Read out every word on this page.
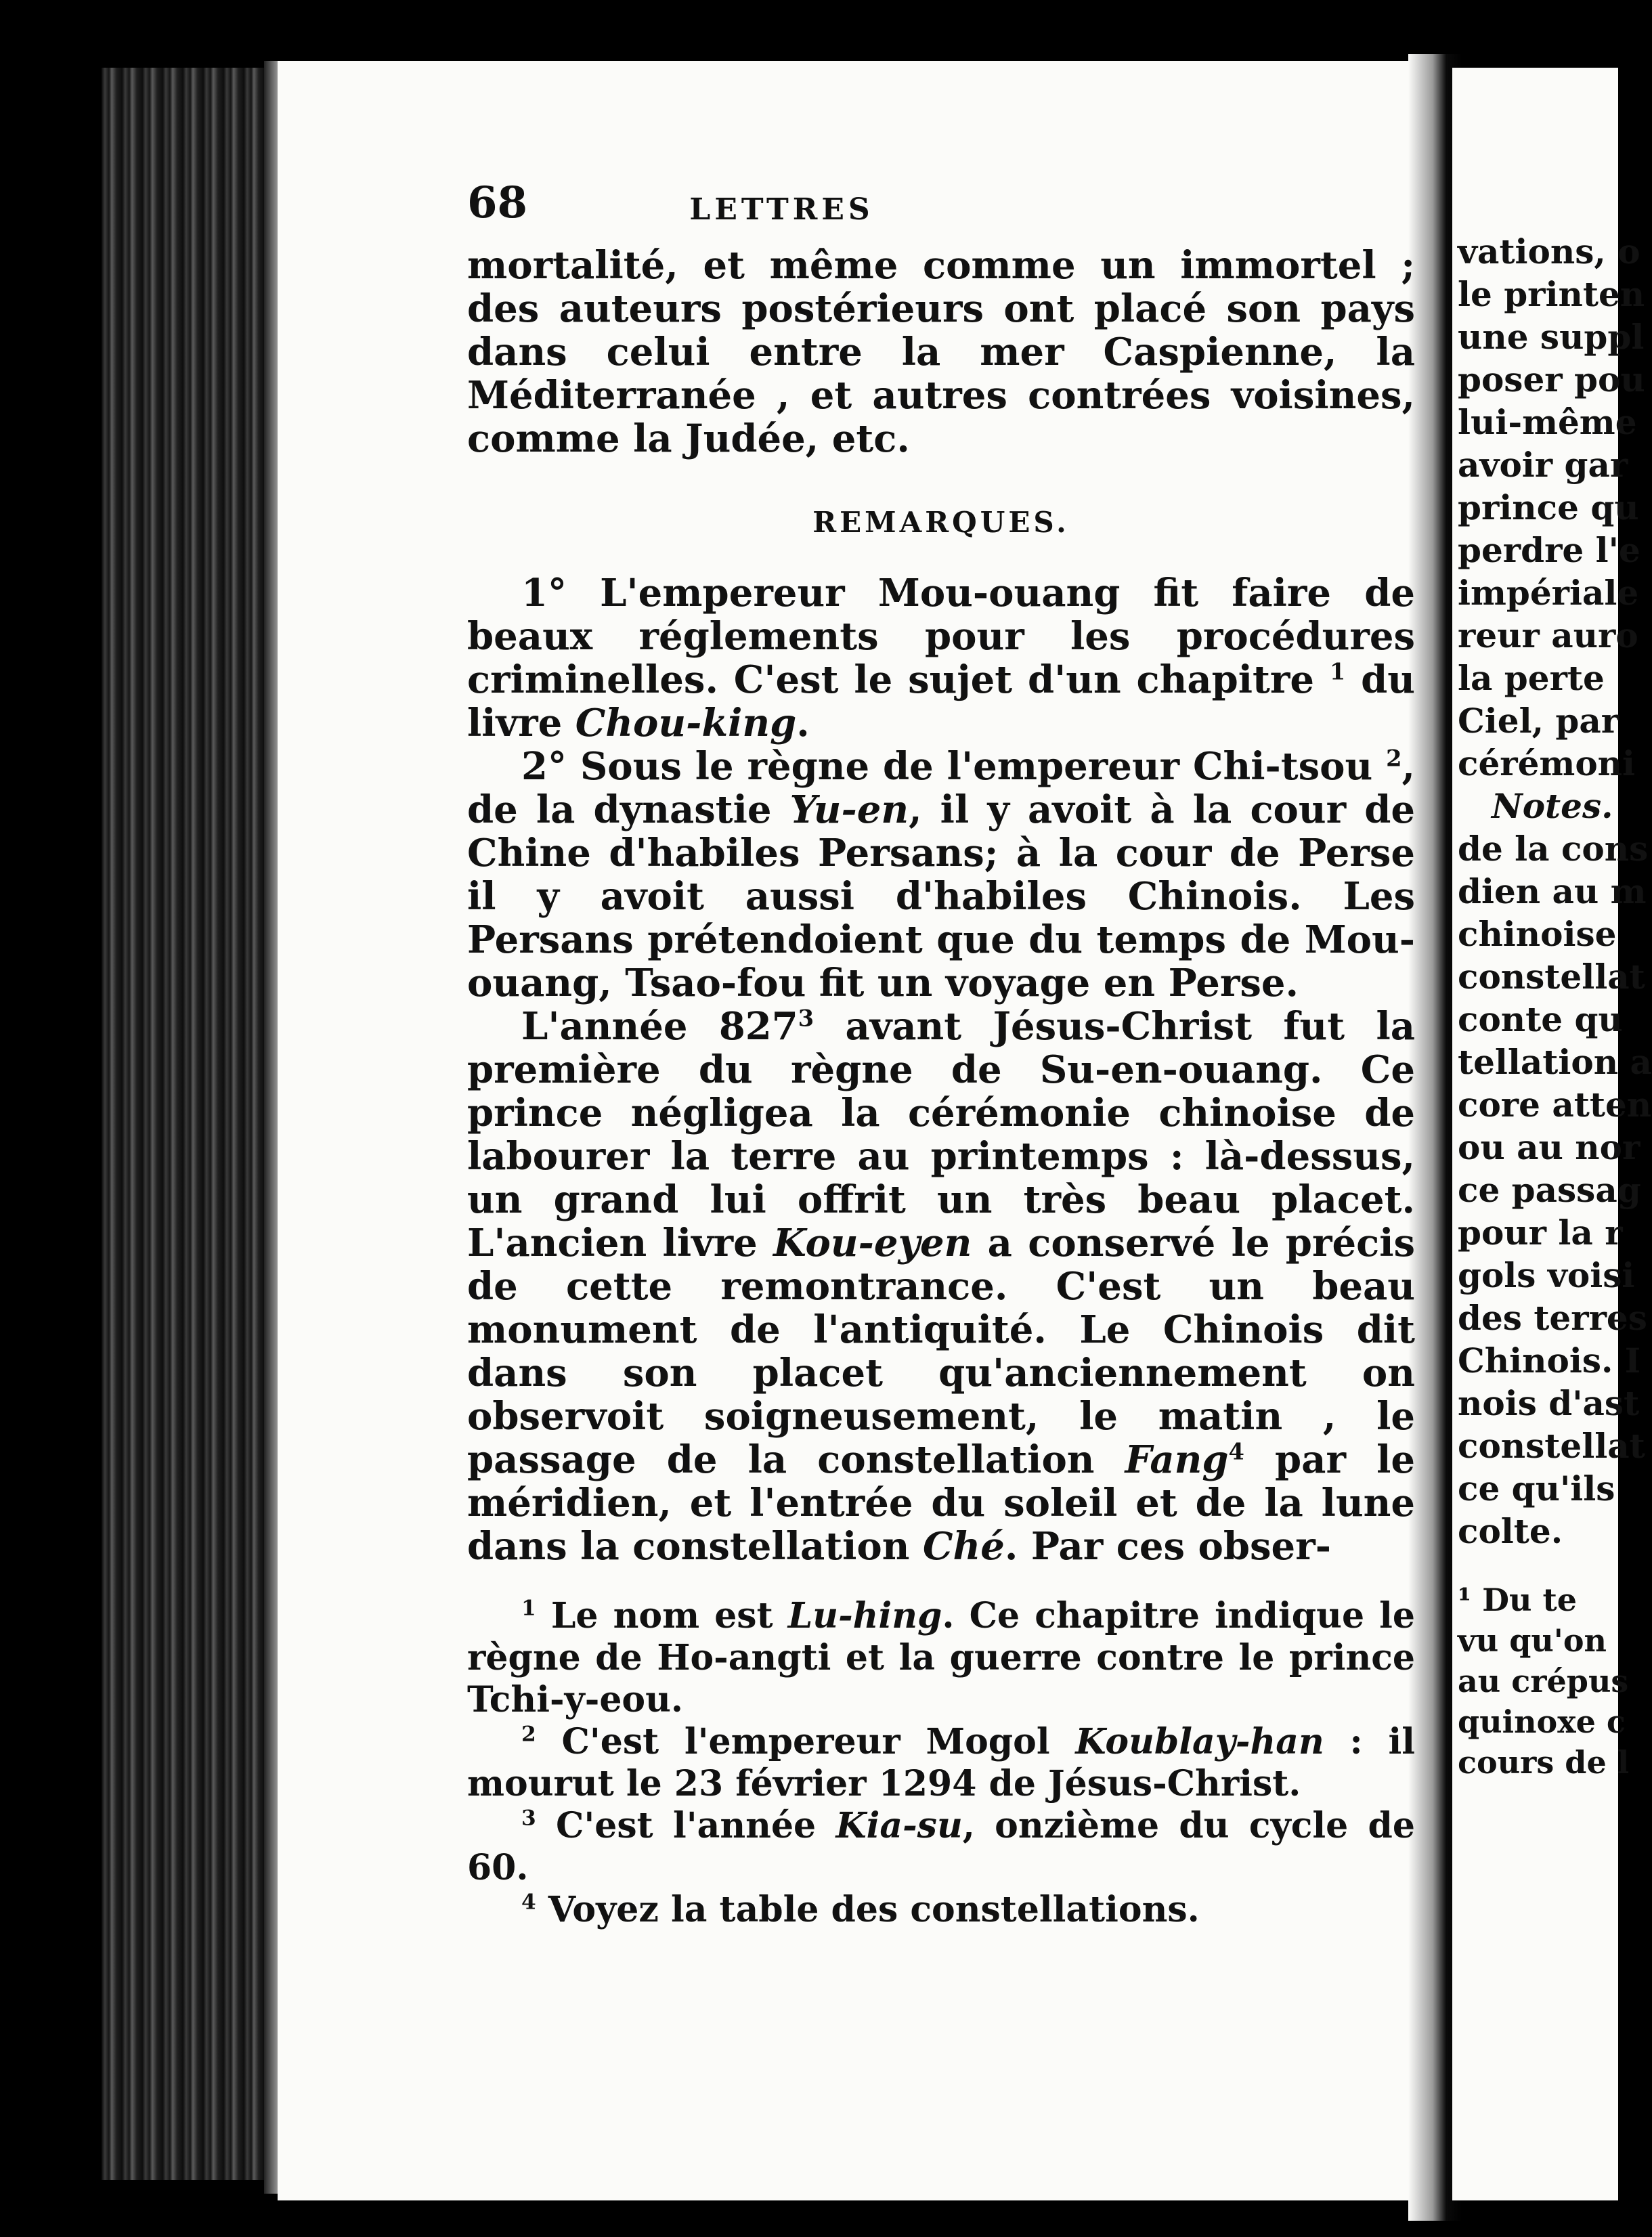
68	LETTRES

mortalité, et même comme un immortel ; des auteurs postérieurs ont placé son pays dans celui entre la mer Caspienne, la Méditerranée , et autres contrées voisines, comme la Judée, etc.

REMARQUES.

1° L'empereur Mou-ouang fit faire de beaux réglements pour les procédures criminelles. C'est le sujet d'un chapitre $^1$ du livre Chou-king.

2° Sous le règne de l'empereur Chi-tsou $^2$, de la dynastie Yu-en, il y avoit à la cour de Chine d'habiles Persans; à la cour de Perse il y avoit aussi d'habiles Chinois. Les Persans prétendoient que du temps de Mou-ouang, Tsao-fou fit un voyage en Perse.

L'année $827^3$ avant Jésus-Christ fut la première du règne de Su-en-ouang. Ce prince négligea la cérémonie chinoise de labourer la terre au printemps : là-dessus, un grand lui offrit un très beau placet. L'ancien livre Kou-eyen a conservé le précis de cette remontrance. C'est un beau monument de l'antiquité. Le Chinois dit dans son placet qu'anciennement on observoit soigneusement, le matin , le passage de la constellation Fang$^4$ par le méridien, et l'entrée du soleil et de la lune dans la constellation Ché. Par ces obser-

$^1$ Le nom est Lu-hing. Ce chapitre indique le règne de Ho-angti et la guerre contre le prince Tchi-y-eou.

$^2$ C'est l'empereur Mogol Koublay-han : il mourut le 23 février 1294 de Jésus-Christ.

$^3$ C'est l'année Kia-su, onzième du cycle de 60.

$^4$ Voyez la table des constellations.

vations, o
le printen
une suppl
poser pou
lui-même
avoir gar
prince qu
perdre l'e
impériale
reur auro
la perte
Ciel, par
cérémoni
Notes.
de la cons
dien au m
chinoise
constellat
conte qu
tellation a
core atten
ou au nor
ce passag
pour la r
gols voisi
des terres
Chinois. I
nois d'ast
constellat
ce qu'ils
colte.
¹ Du te
vu qu'on
au crépus
quinoxe c
cours de l
